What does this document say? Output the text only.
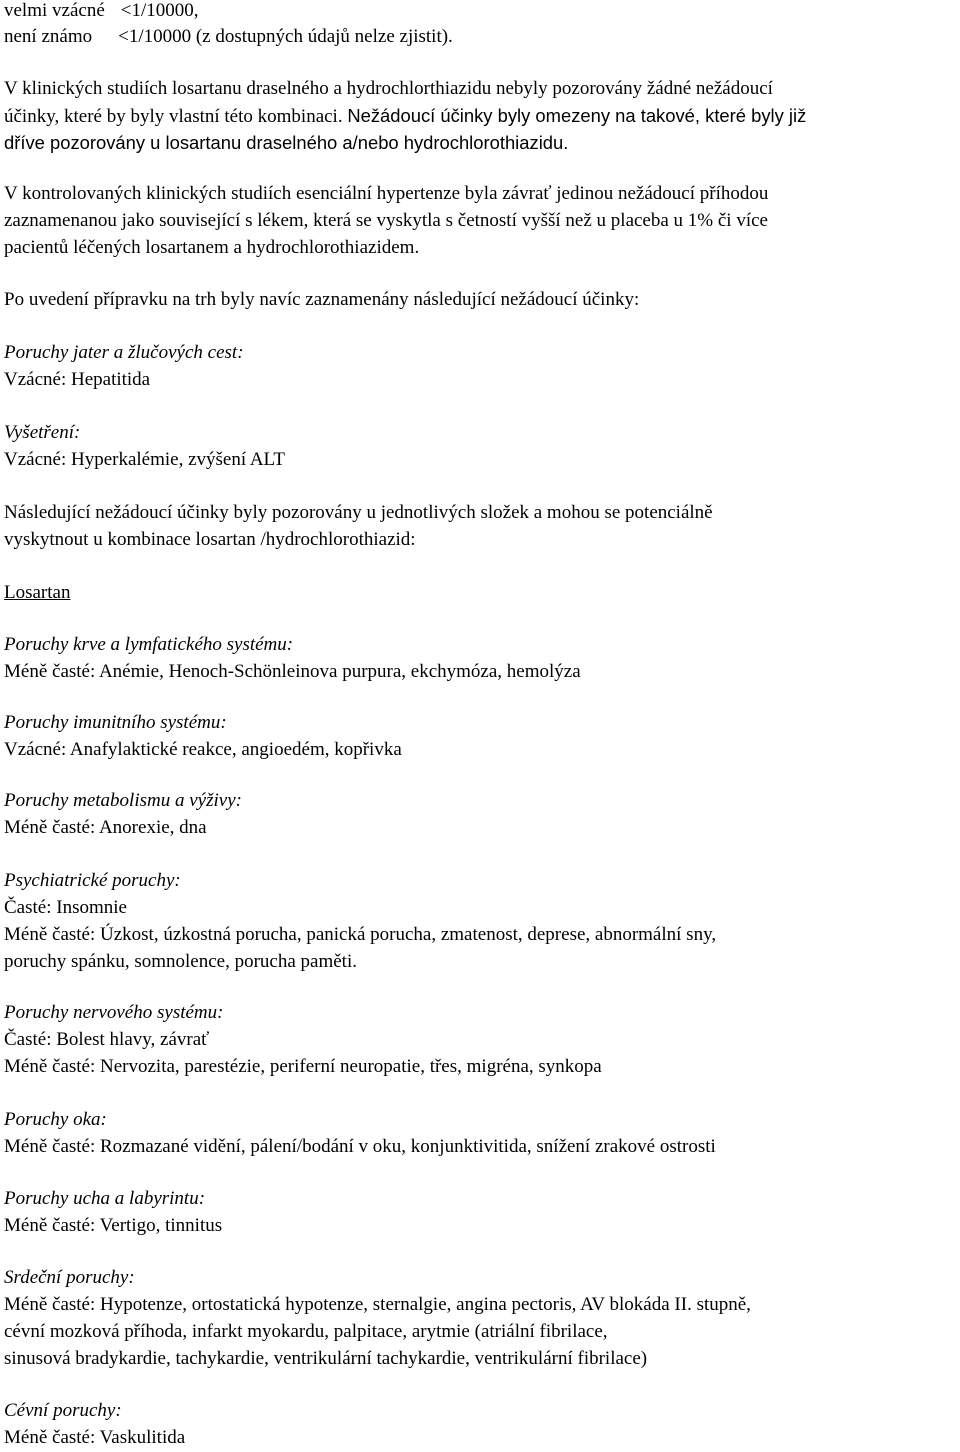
velmi vzácné <1/10000,
není známo <1/10000 (z dostupných údajů nelze zjistit).
V klinických studiích losartanu draselného a hydrochlorthiazidu nebyly pozorovány žádné nežádoucí
účinky, které by byly vlastní této kombinaci. Nežádoucí účinky byly omezeny na takové, které byly již
dříve pozorovány u losartanu draselného a/nebo hydrochlorothiazidu.
V kontrolovaných klinických studiích esenciální hypertenze byla závrať jedinou nežádoucí příhodou
zaznamenanou jako související s lékem, která se vyskytla s četností vyšší než u placeba u 1% či více
pacientů léčených losartanem a hydrochlorothiazidem.
Po uvedení přípravku na trh byly navíc zaznamenány následující nežádoucí účinky:
Poruchy jater a žlučových cest:
Vzácné: Hepatitida
Vyšetření:
Vzácné: Hyperkalémie, zvýšení ALT
Následující nežádoucí účinky byly pozorovány u jednotlivých složek a mohou se potenciálně
vyskytnout u kombinace losartan /hydrochlorothiazid:
Losartan
Poruchy krve a lymfatického systému:
Méně časté: Anémie, Henoch-Schönleinova purpura, ekchymóza, hemolýza
Poruchy imunitního systému:
Vzácné: Anafylaktické reakce, angioedém, kopřivka
Poruchy metabolismu a výživy:
Méně časté: Anorexie, dna
Psychiatrické poruchy:
Časté: Insomnie
Méně časté: Úzkost, úzkostná porucha, panická porucha, zmatenost, deprese, abnormální sny,
poruchy spánku, somnolence, porucha paměti.
Poruchy nervového systému:
Časté: Bolest hlavy, závrať
Méně časté: Nervozita, parestézie, periferní neuropatie, třes, migréna, synkopa
Poruchy oka:
Méně časté: Rozmazané vidění, pálení/bodání v oku, konjunktivitida, snížení zrakové ostrosti
Poruchy ucha a labyrintu:
Méně časté: Vertigo, tinnitus
Srdeční poruchy:
Méně časté: Hypotenze, ortostatická hypotenze, sternalgie, angina pectoris, AV blokáda II. stupně,
cévní mozková příhoda, infarkt myokardu, palpitace, arytmie (atriální fibrilace,
sinusová bradykardie, tachykardie, ventrikulární tachykardie, ventrikulární fibrilace)
Cévní poruchy:
Méně časté: Vaskulitida
